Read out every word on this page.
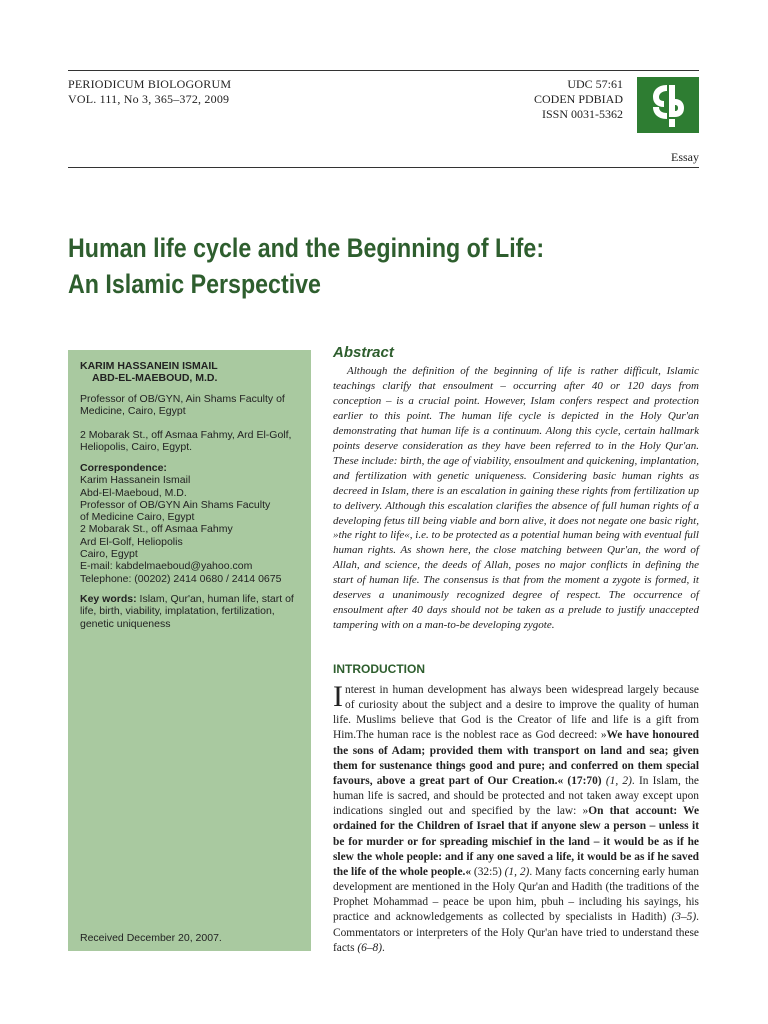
PERIODICUM BIOLOGORUM
VOL. 111, No 3, 365–372, 2009
UDC 57:61
CODEN PDBIAD
ISSN 0031-5362
Essay
Human life cycle and the Beginning of Life:
An Islamic Perspective
KARIM HASSANEIN ISMAIL
ABD-EL-MAEBOUD, M.D.
Professor of OB/GYN, Ain Shams Faculty of Medicine, Cairo, Egypt
2 Mobarak St., off Asmaa Fahmy, Ard El-Golf, Heliopolis, Cairo, Egypt.
Correspondence:
Karim Hassanein Ismail
Abd-El-Maeboud, M.D.
Professor of OB/GYN Ain Shams Faculty
of Medicine Cairo, Egypt
2 Mobarak St., off Asmaa Fahmy
Ard El-Golf, Heliopolis
Cairo, Egypt
E-mail: kabdelmaeboud@yahoo.com
Telephone: (00202) 2414 0680 / 2414 0675
Key words: Islam, Qur'an, human life, start of life, birth, viability, implatation, fertilization, genetic uniqueness
Received December 20, 2007.
Abstract
Although the definition of the beginning of life is rather difficult, Islamic teachings clarify that ensoulment – occurring after 40 or 120 days from conception – is a crucial point. However, Islam confers respect and protection earlier to this point. The human life cycle is depicted in the Holy Qur'an demonstrating that human life is a continuum. Along this cycle, certain hallmark points deserve consideration as they have been referred to in the Holy Qur'an. These include: birth, the age of viability, ensoulment and quickening, implantation, and fertilization with genetic uniqueness. Considering basic human rights as decreed in Islam, there is an escalation in gaining these rights from fertilization up to delivery. Although this escalation clarifies the absence of full human rights of a developing fetus till being viable and born alive, it does not negate one basic right, »the right to life«, i.e. to be protected as a potential human being with eventual full human rights. As shown here, the close matching between Qur'an, the word of Allah, and science, the deeds of Allah, poses no major conflicts in defining the start of human life. The consensus is that from the moment a zygote is formed, it deserves a unanimously recognized degree of respect. The occurrence of ensoulment after 40 days should not be taken as a prelude to justify unaccepted tampering with on a man-to-be developing zygote.
INTRODUCTION
Interest in human development has always been widespread largely because of curiosity about the subject and a desire to improve the quality of human life. Muslims believe that God is the Creator of life and life is a gift from Him.The human race is the noblest race as God decreed: »We have honoured the sons of Adam; provided them with transport on land and sea; given them for sustenance things good and pure; and conferred on them special favours, above a great part of Our Creation.« (17:70) (1, 2). In Islam, the human life is sacred, and should be protected and not taken away except upon indications singled out and specified by the law: »On that account: We ordained for the Children of Israel that if anyone slew a person – unless it be for murder or for spreading mischief in the land – it would be as if he slew the whole people: and if any one saved a life, it would be as if he saved the life of the whole people.« (32:5) (1, 2). Many facts concerning early human development are mentioned in the Holy Qur'an and Hadith (the traditions of the Prophet Mohammad – peace be upon him, pbuh – including his sayings, his practice and acknowledgements as collected by specialists in Hadith) (3–5). Commentators or interpreters of the Holy Qur'an have tried to understand these facts (6–8).
